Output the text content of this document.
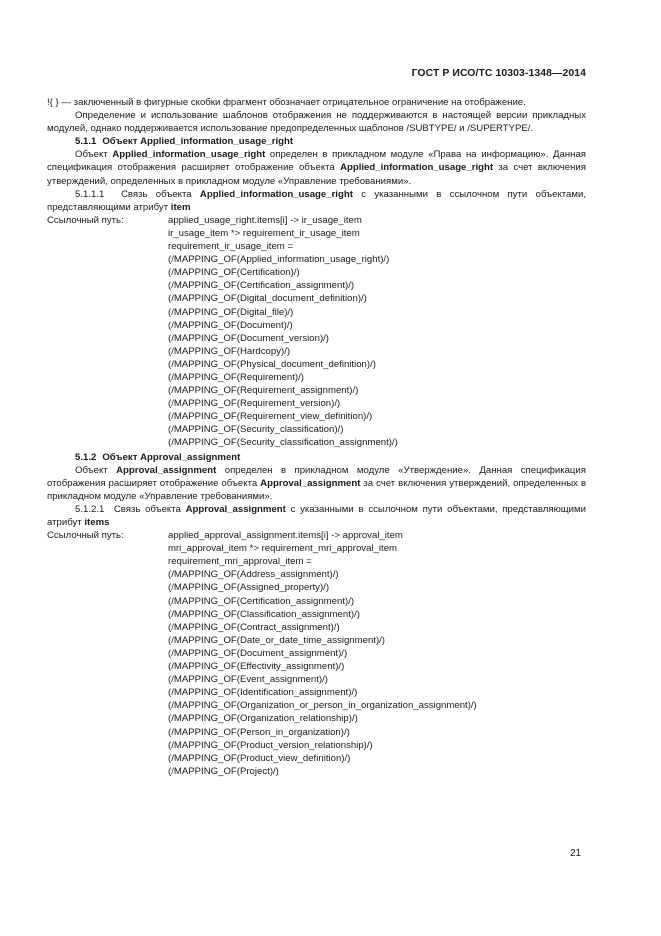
ГОСТ Р ИСО/ТС 10303-1348—2014

!{ } — заключенный в фигурные скобки фрагмент обозначает отрицательное ограничение на отображение.

Определение и использование шаблонов отображения не поддерживаются в настоящей версии прикладных модулей, однако поддерживается использование предопределенных шаблонов /SUBTYPE/ и /SUPERTYPE/.

5.1.1 Объект Applied_information_usage_right

Объект Applied_information_usage_right определен в прикладном модуле «Права на информацию». Данная спецификация отображения расширяет отображение объекта Applied_information_usage_right за счет включения утверждений, определенных в прикладном модуле «Управление требованиями».

5.1.1.1 Связь объекта Applied_information_usage_right с указанными в ссылочном пути объектами, представляющими атрибут item

Ссылочный путь:	applied_usage_right.items[i] -> ir_usage_item
ir_usage_item *> requirement_ir_usage_item
requirement_ir_usage_item =
(/MAPPING_OF(Applied_information_usage_right)/)
(/MAPPING_OF(Certification)/)
(/MAPPING_OF(Certification_assignment)/)
(/MAPPING_OF(Digital_document_definition)/)
(/MAPPING_OF(Digital_file)/)
(/MAPPING_OF(Document)/)
(/MAPPING_OF(Document_version)/)
(/MAPPING_OF(Hardcopy)/)
(/MAPPING_OF(Physical_document_definition)/)
(/MAPPING_OF(Requirement)/)
(/MAPPING_OF(Requirement_assignment)/)
(/MAPPING_OF(Requirement_version)/)
(/MAPPING_OF(Requirement_view_definition)/)
(/MAPPING_OF(Security_classification)/)
(/MAPPING_OF(Security_classification_assignment)/)

5.1.2 Объект Approval_assignment

Объект Approval_assignment определен в прикладном модуле «Утверждение». Данная спецификация отображения расширяет отображение объекта Approval_assignment за счет включения утверждений, определенных в прикладном модуле «Управление требованиями».

5.1.2.1 Связь объекта Approval_assignment с указанными в ссылочном пути объектами, представляющими атрибут items

Ссылочный путь:	applied_approval_assignment.items[i] -> approval_item
mri_approval_item *> requirement_mri_approval_item
requirement_mri_approval_item =
(/MAPPING_OF(Address_assignment)/)
(/MAPPING_OF(Assigned_property)/)
(/MAPPING_OF(Certification_assignment)/)
(/MAPPING_OF(Classification_assignment)/)
(/MAPPING_OF(Contract_assignment)/)
(/MAPPING_OF(Date_or_date_time_assignment)/)
(/MAPPING_OF(Document_assignment)/)
(/MAPPING_OF(Effectivity_assignment)/)
(/MAPPING_OF(Event_assignment)/)
(/MAPPING_OF(Identification_assignment)/)
(/MAPPING_OF(Organization_or_person_in_organization_assignment)/)
(/MAPPING_OF(Organization_relationship)/)
(/MAPPING_OF(Person_in_organization)/)
(/MAPPING_OF(Product_version_relationship)/)
(/MAPPING_OF(Product_view_definition)/)
(/MAPPING_OF(Project)/)
21
